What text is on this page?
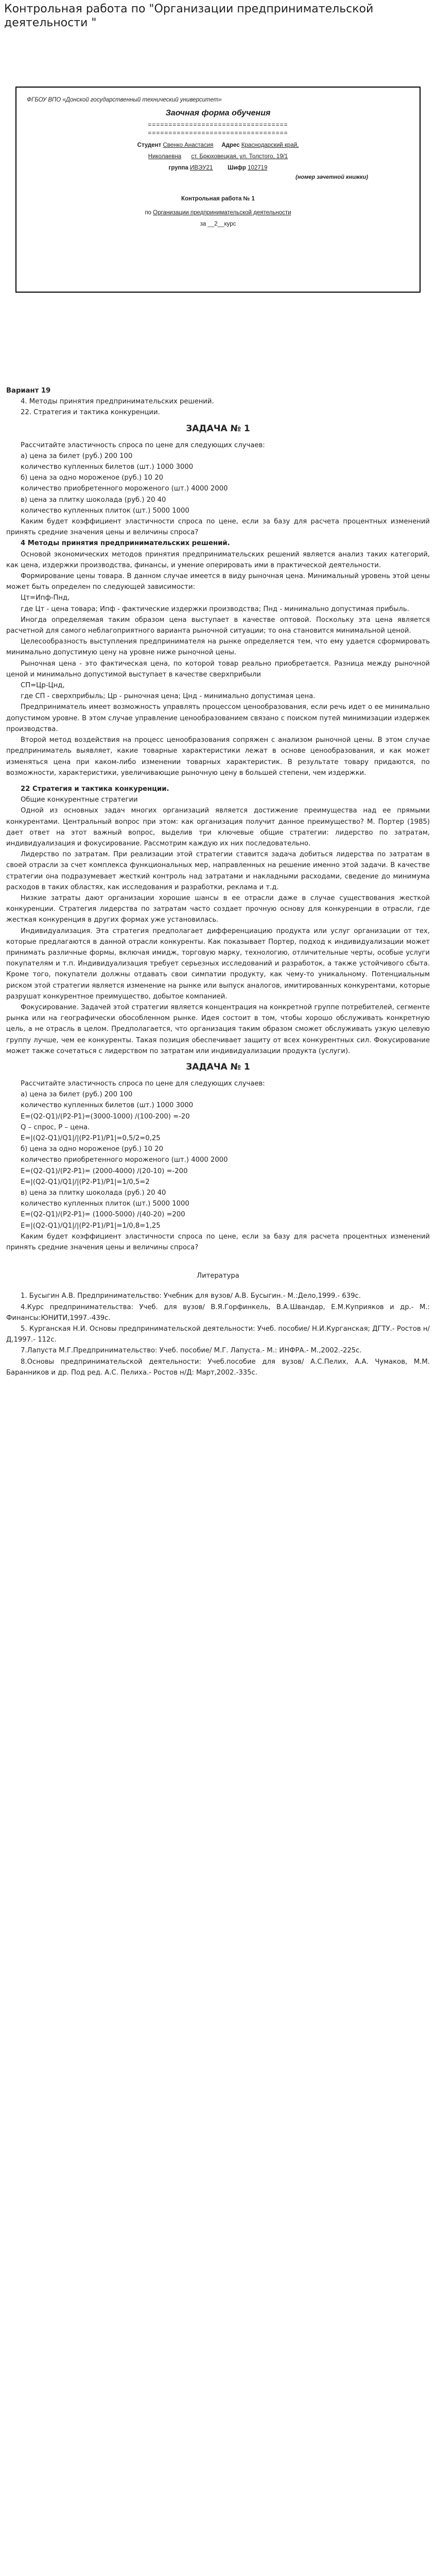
Контрольная работа по "Организации предпринимательской деятельности "

ФГБОУ ВПО «Донской государственный технический университет»

Заочная форма обучения

==================================
==================================
Студент Свенко Анастасия Адрес Краснодарский край,
Николаевна ст. Брюховецкая, ул. Толстого, 19/1
группа ИВЭУ21	Шифр 102719

(номер зачетной книжки)

Контрольная работа № 1

по Организации предпринимательской деятельности
за __2__курс

Вариант 19

4. Методы принятия предпринимательских решений.

22. Стратегия и тактика конкуренции.

ЗАДАЧА № 1

Рассчитайте эластичность спроса по цене для следующих случаев:

а) цена за билет (руб.) 200 100

количество купленных билетов (шт.) 1000 3000

б) цена за одно мороженое (руб.) 10 20

количество приобретенного мороженого (шт.) 4000 2000

в) цена за плитку шоколада (руб.) 20 40

количество купленных плиток (шт.) 5000 1000

Каким будет коэффициент эластичности спроса по цене, если за базу для расчета процентных изменений принять средние значения цены и величины спроса?

4 Методы принятия предпринимательских решений.

Основой экономических методов принятия предпринимательских решений является анализ таких категорий, как цена, издержки производства, финансы, и умение оперировать ими в практической деятельности.

Формирование цены товара. В данном случае имеется в виду рыночная цена. Минимальный уровень этой цены может быть определен по следующей зависимости:

Цт=Ипф-Пнд,

где Цт - цена товара; Ипф - фактические издержки производства; Пнд - минимально допустимая прибыль.

Иногда определяемая таким образом цена выступает в качестве оптовой. Поскольку эта цена является расчетной для самого неблагоприятного варианта рыночной ситуации; то она становится минимальной ценой.

Целесообразность выступления предпринимателя на рынке определяется тем, что ему удается сформировать минимально допустимую цену на уровне ниже рыночной цены.

Рыночная цена - это фактическая цена, по которой товар реально приобретается. Разница между рыночной ценой и минимально допустимой выступает в качестве сверхприбыли

СП=Цр-Цнд,

где СП - сверхприбыль; Цр - рыночная цена; Цнд - минимально допустимая цена.

Предприниматель имеет возможность управлять процессом ценообразования, если речь идет о ее минимально допустимом уровне. В этом случае управление ценообразованием связано с поиском путей минимизации издержек производства.

Второй метод воздействия на процесс ценообразования сопряжен с анализом рыночной цены. В этом случае предприниматель выявляет, какие товарные характеристики лежат в основе ценообразования, и как может изменяться цена при каком-либо изменении товарных характеристик. В результате товару придаются, по возможности, характеристики, увеличивающие рыночную цену в большей степени, чем издержки.

22 Стратегия и тактика конкуренции.

Общие конкурентные стратегии

Одной из основных задач многих организаций является достижение преимущества над ее прямыми конкурентами. Центральный вопрос при этом: как организация получит данное преимущество? М. Портер (1985) дает ответ на этот важный вопрос, выделив три ключевые общие стратегии: лидерство по затратам, индивидуализация и фокусирование. Рассмотрим каждую их них последовательно.

Лидерство по затратам. При реализации этой стратегии ставится задача добиться лидерства по затратам в своей отрасли за счет комплекса функциональных мер, направленных на решение именно этой задачи. В качестве стратегии она подразумевает жесткий контроль над затратами и накладными расходами, сведение до минимума расходов в таких областях, как исследования и разработки, реклама и т.д.

Низкие затраты дают организации хорошие шансы в ее отрасли даже в случае существования жесткой конкуренции. Стратегия лидерства по затратам часто создает прочную основу для конкуренции в отрасли, где жесткая конкуренция в других формах уже установилась.

Индивидуализация. Эта стратегия предполагает дифференциацию продукта или услуг организации от тех, которые предлагаются в данной отрасли конкуренты. Как показывает Портер, подход к индивидуализации может принимать различные формы, включая имидж, торговую марку, технологию, отличительные черты, особые услуги покупателям и т.п. Индивидуализация требует серьезных исследований и разработок, а также устойчивого сбыта. Кроме того, покупатели должны отдавать свои симпатии продукту, как чему-то уникальному. Потенциальным риском этой стратегии является изменение на рынке или выпуск аналогов, имитированных конкурентами, которые разрушат конкурентное преимущество, добытое компанией.

Фокусирование. Задачей этой стратегии является концентрация на конкретной группе потребителей, сегменте рынка или на географически обособленном рынке. Идея состоит в том, чтобы хорошо обслуживать конкретную цель, а не отрасль в целом. Предполагается, что организация таким образом сможет обслуживать узкую целевую группу лучше, чем ее конкуренты. Такая позиция обеспечивает защиту от всех конкурентных сил. Фокусирование может также сочетаться с лидерством по затратам или индивидуализации продукта (услуги).

ЗАДАЧА № 1

Рассчитайте эластичность спроса по цене для следующих случаев:

а) цена за билет (руб.) 200 100

количество купленных билетов (шт.) 1000 3000

E=(Q2-Q1)/(P2-P1)=(3000-1000) /(100-200) =-20

Q – спрос, Р – цена.

E=|(Q2-Q1)/Q1|/|(P2-P1)/P1|=0,5/2=0,25

б) цена за одно мороженое (руб.) 10 20

количество приобретенного мороженого (шт.) 4000 2000

E=(Q2-Q1)/(P2-P1)= (2000-4000) /(20-10) =-200

E=|(Q2-Q1)/Q1|/|(P2-P1)/P1|=1/0,5=2

в) цена за плитку шоколада (руб.) 20 40

количество купленных плиток (шт.) 5000 1000

E=(Q2-Q1)/(P2-P1)= (1000-5000) /(40-20) =200

E=|(Q2-Q1)/Q1|/|(P2-P1)/P1|=1/0,8=1,25

Каким будет коэффициент эластичности спроса по цене, если за базу для расчета процентных изменений принять средние значения цены и величины спроса?

Литература

1. Бусыгин А.В. Предпринимательство: Учебник для вузов/ А.В. Бусыгин.- М.:Дело,1999.- 639с.

4.Курс предпринимательства: Учеб. для вузов/ В.Я.Горфинкель, В.А.Швандар, Е.М.Куприяков и др.- М.: Финансы:ЮНИТИ,1997.-439с.

5. Курганская Н.И. Основы предпринимательской деятельности: Учеб. пособие/ Н.И.Курганская; ДГТУ.- Ростов н/Д,1997.- 112с.

7.Лапуста М.Г.Предпринимательство: Учеб. пособие/ М.Г. Лапуста.- М.: ИНФРА.- М.,2002.-225с.

8.Основы предпринимательской деятельности: Учеб.пособие для вузов/ А.С.Пелих, А.А. Чумаков, М.М. Баранников и др. Под ред. А.С. Пелиха.- Ростов н/Д: Март,2002.-335с.
